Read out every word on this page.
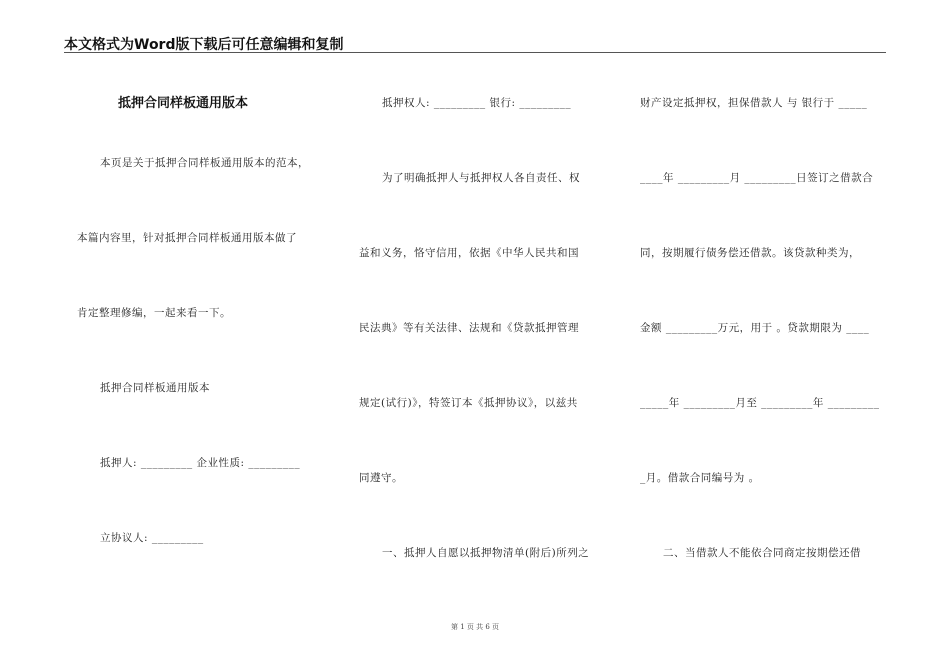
本文格式为Word版下载后可任意编辑和复制
抵押合同样板通用版本
本页是关于抵押合同样板通用版本的范本，
本篇内容里，针对抵押合同样板通用版本做了
肯定整理修编，一起来看一下。
抵押合同样板通用版本
抵押人: _________ 企业性质: _________
立协议人: _________
抵押权人: _________ 银行: _________
为了明确抵押人与抵押权人各自责任、权
益和义务，恪守信用，依据《中华人民共和国
民法典》等有关法律、法规和《贷款抵押管理
规定(试行)》，特签订本《抵押协议》，以兹共
同遵守。
一、抵押人自愿以抵押物清单(附后)所列之
财产设定抵押权，担保借款人 与 银行于 _____
____年 _________月 _________日签订之借款合
同，按期履行债务偿还借款。该贷款种类为，
金额 _________万元，用于 。贷款期限为 ____
_____年 _________月至 _________年 _________
_月。借款合同编号为 。
二、当借款人不能依合同商定按期偿还借
第 1 页 共 6 页
